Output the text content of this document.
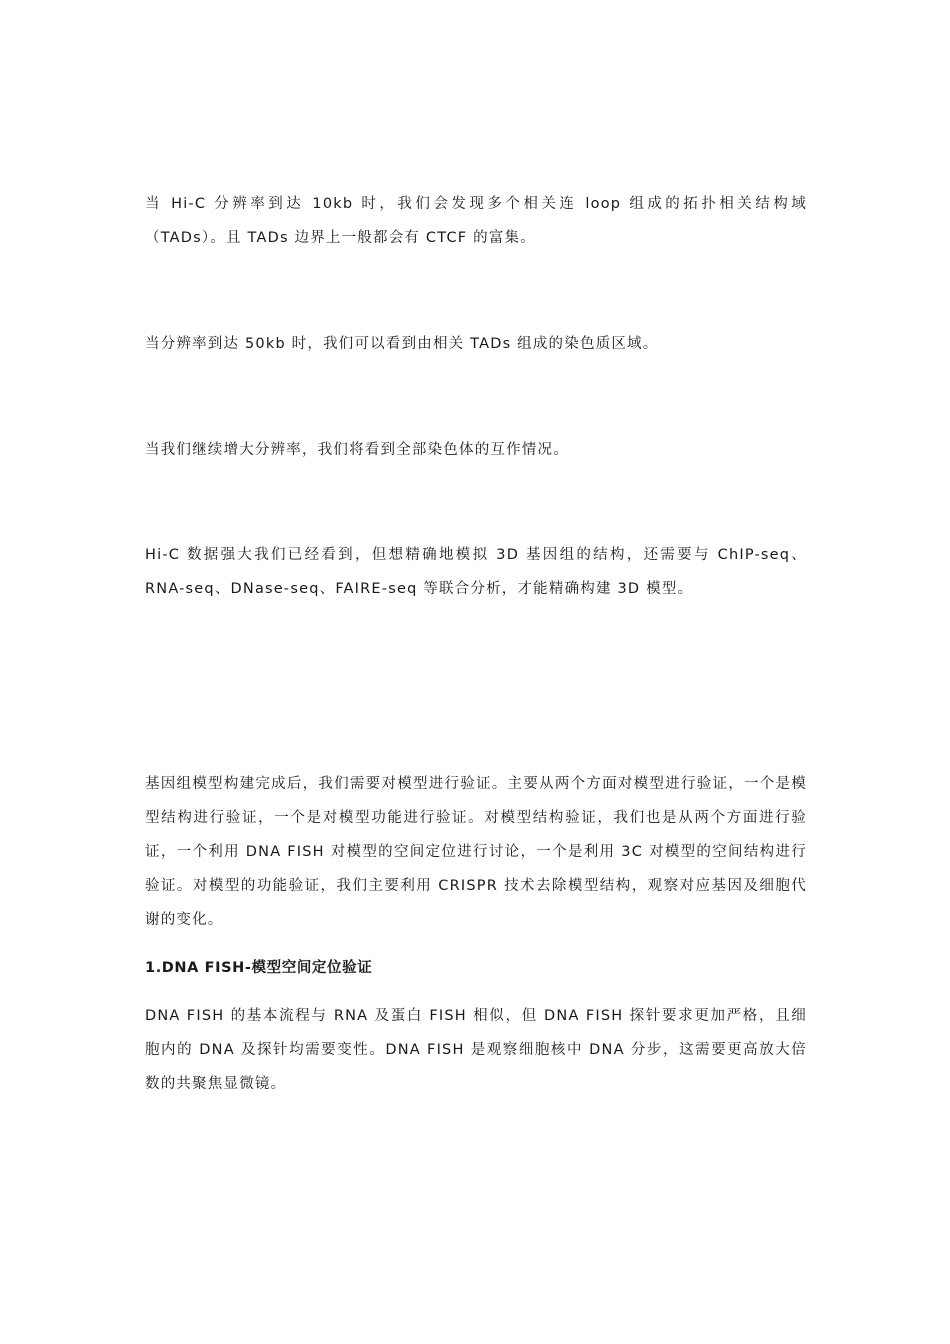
当 Hi-C 分辨率到达 10kb 时，我们会发现多个相关连 loop 组成的拓扑相关结构域（TADs）。且 TADs 边界上一般都会有 CTCF 的富集。

当分辨率到达 50kb 时，我们可以看到由相关 TADs 组成的染色质区域。

当我们继续增大分辨率，我们将看到全部染色体的互作情况。

Hi-C 数据强大我们已经看到，但想精确地模拟 3D 基因组的结构，还需要与 ChIP-seq、RNA-seq、DNase-seq、FAIRE-seq 等联合分析，才能精确构建 3D 模型。

基因组模型构建完成后，我们需要对模型进行验证。主要从两个方面对模型进行验证，一个是模型结构进行验证，一个是对模型功能进行验证。对模型结构验证，我们也是从两个方面进行验证，一个利用 DNA FISH 对模型的空间定位进行讨论，一个是利用 3C 对模型的空间结构进行验证。对模型的功能验证，我们主要利用 CRISPR 技术去除模型结构，观察对应基因及细胞代谢的变化。

1.DNA FISH-模型空间定位验证

DNA FISH 的基本流程与 RNA 及蛋白 FISH 相似，但 DNA FISH 探针要求更加严格，且细胞内的 DNA 及探针均需要变性。DNA FISH 是观察细胞核中 DNA 分步，这需要更高放大倍数的共聚焦显微镜。
